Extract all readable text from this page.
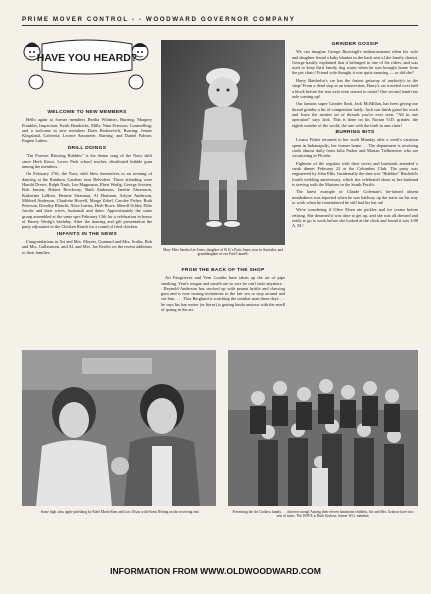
PRIME MOVER CONTROL - - WOODWARD GOVERNOR COMPANY
HAVE YOU HEARD?
WELCOME TO NEW MEMBERS

Hello again to former members Bertha Whitmer, Burring; Margery Franklin, Inspection; Keith Hendricks, Mills; Nina Peterson, Counselling; and a welcome to new members Doris Radosevich, Burring; Jennie Kingsland, Cafeteria; Leonce Sassmeier, Burring; and Daniel Palmer, Engine Lathes.

DRILL DOINGS

"I'm Forever Blowing Bubbles" is the theme song of the Navy shift since Herb Rowe, Loves Park school teacher, distributed bubble gum among the members.

On February 17th, the Navy shift blew themselves to an evening of dancing at the Rainbow Gardens near Belvidere. Those attending were Harold Drews, Ralph Nash, Lee Magnuson, Ebert Wedig, George Joosten, Bob Jansen, Robert Brockway, Ruth Anderson, Janette Abramson, Katherine LaBore, Hermie Stratman, Al Hartman, Arlyne Anderson, Mildred Anderson, Charlotte Howell, Marge Zobel, Carolee Fisher, Ruth Peterson, Dorothy Blanchi, Alice Lenins, Herb Rowe, Merrill Uthler, Effie Jacobs and their wives, husbands and dates. Approximately the same group assembled at the same spot February 13th for a celebration in honor of Emery Wedig's birthday. After the dancing and gift presentation the party adjourned to the Chicken Ranch for a round of fried chicken.

INFANTS IN THE NEWS

Congratulations to Art and Mrs. Meyers, Gunnard and Mrs. Scalin, Bob and Mrs. Gulbranson, and Al, and Mrs. Joe Kistler on the recent additions to their families.	Mary Miss Sandra Lee Jones, daughter of W.G.'s Paris Jones, now in Australia, and granddaughter of our Fred Cannell.
FROM THE BACK OF THE SHOP

Art Fairgrieves and Vern Goodin have taken up the art of pipe smoking. Vern's tongue and mouth are so sore he can't taste anymore. . . Reynold Anderson has stocked up with peanut brittle and chewing gum and is now issuing invitations to the fair sex to stop around and see him. . . . Thor Berglund is watching the weather man these days . . . he says his hay motor (or horse) is getting kinda anxious with the smell of spring in the air.

GRINDER GOSSIP

We can imagine George Burrough's embarrassment when his wife and daughter found a baby blanket in the back seat of the family chariot. George hastily explained that it belonged to one of his riders, and was used to keep their family dog warm when he was brought home from the pet clinic! Friend wife thought it was quite amusing — or did she?

Harry Batchelor's car has the fastest getaway of anybody's in the shop! From a dead stop at an intersection, Harry's car traveled over half a block before the rear axle even started to rotate! One second hand rear axle coming up!

Our famous super Grinder flash, Jack McMillan, has been giving our thread grinder a bit of competition lately. Jack can finish grind his work and leave the neatest set of threads you've ever seen. "All in one operation" says Jack. This is done on his Norton O.D. grinder, the eighth wonder of the world, the one with the built in arm chair!

BURRING BITS

Louisa Fisher returned to her work Monday after a week's vacation spent in Indianapolis, her former home. . . The department is receiving cards almost daily from Julia Parker and Marian Tielkemeier who are vacationing in Florida.

Eighteen of the regulars with their wives and husbands attended a steak dinner February 22 at the Columbus Club. The party was engineered by John Ellis. Incidentally the date was "Bubbles" Benfield's fourth wedding anniversary, which she celebrated alone as her husband is serving with the Marines in the South Pacific.

The latest example of Claude Coleman's far-famed absent mindedness was reported when he was halfway up the stairs on his way to work when he remembered he still had his hat on!

We're wondering if Olive Elsen ate pickles and ice cream before retiring. She dreamed it was time to get up, and she was all dressed and ready to go to work before she looked at the clock and found it was 3:00 A. M.!

Some high class apple polishing by Ethel Marie Rom and Lois Olson with Norm Nelong on the receiving end.	Presenting the Art Grabow family . . . thirteen strong! Among their eleven handsome children, Art and Mrs. Grabow have two sets of twins. The WAVE is Ruth Grabow, former W.G. member.
INFORMATION FROM WWW.OLDWOODWARD.COM
